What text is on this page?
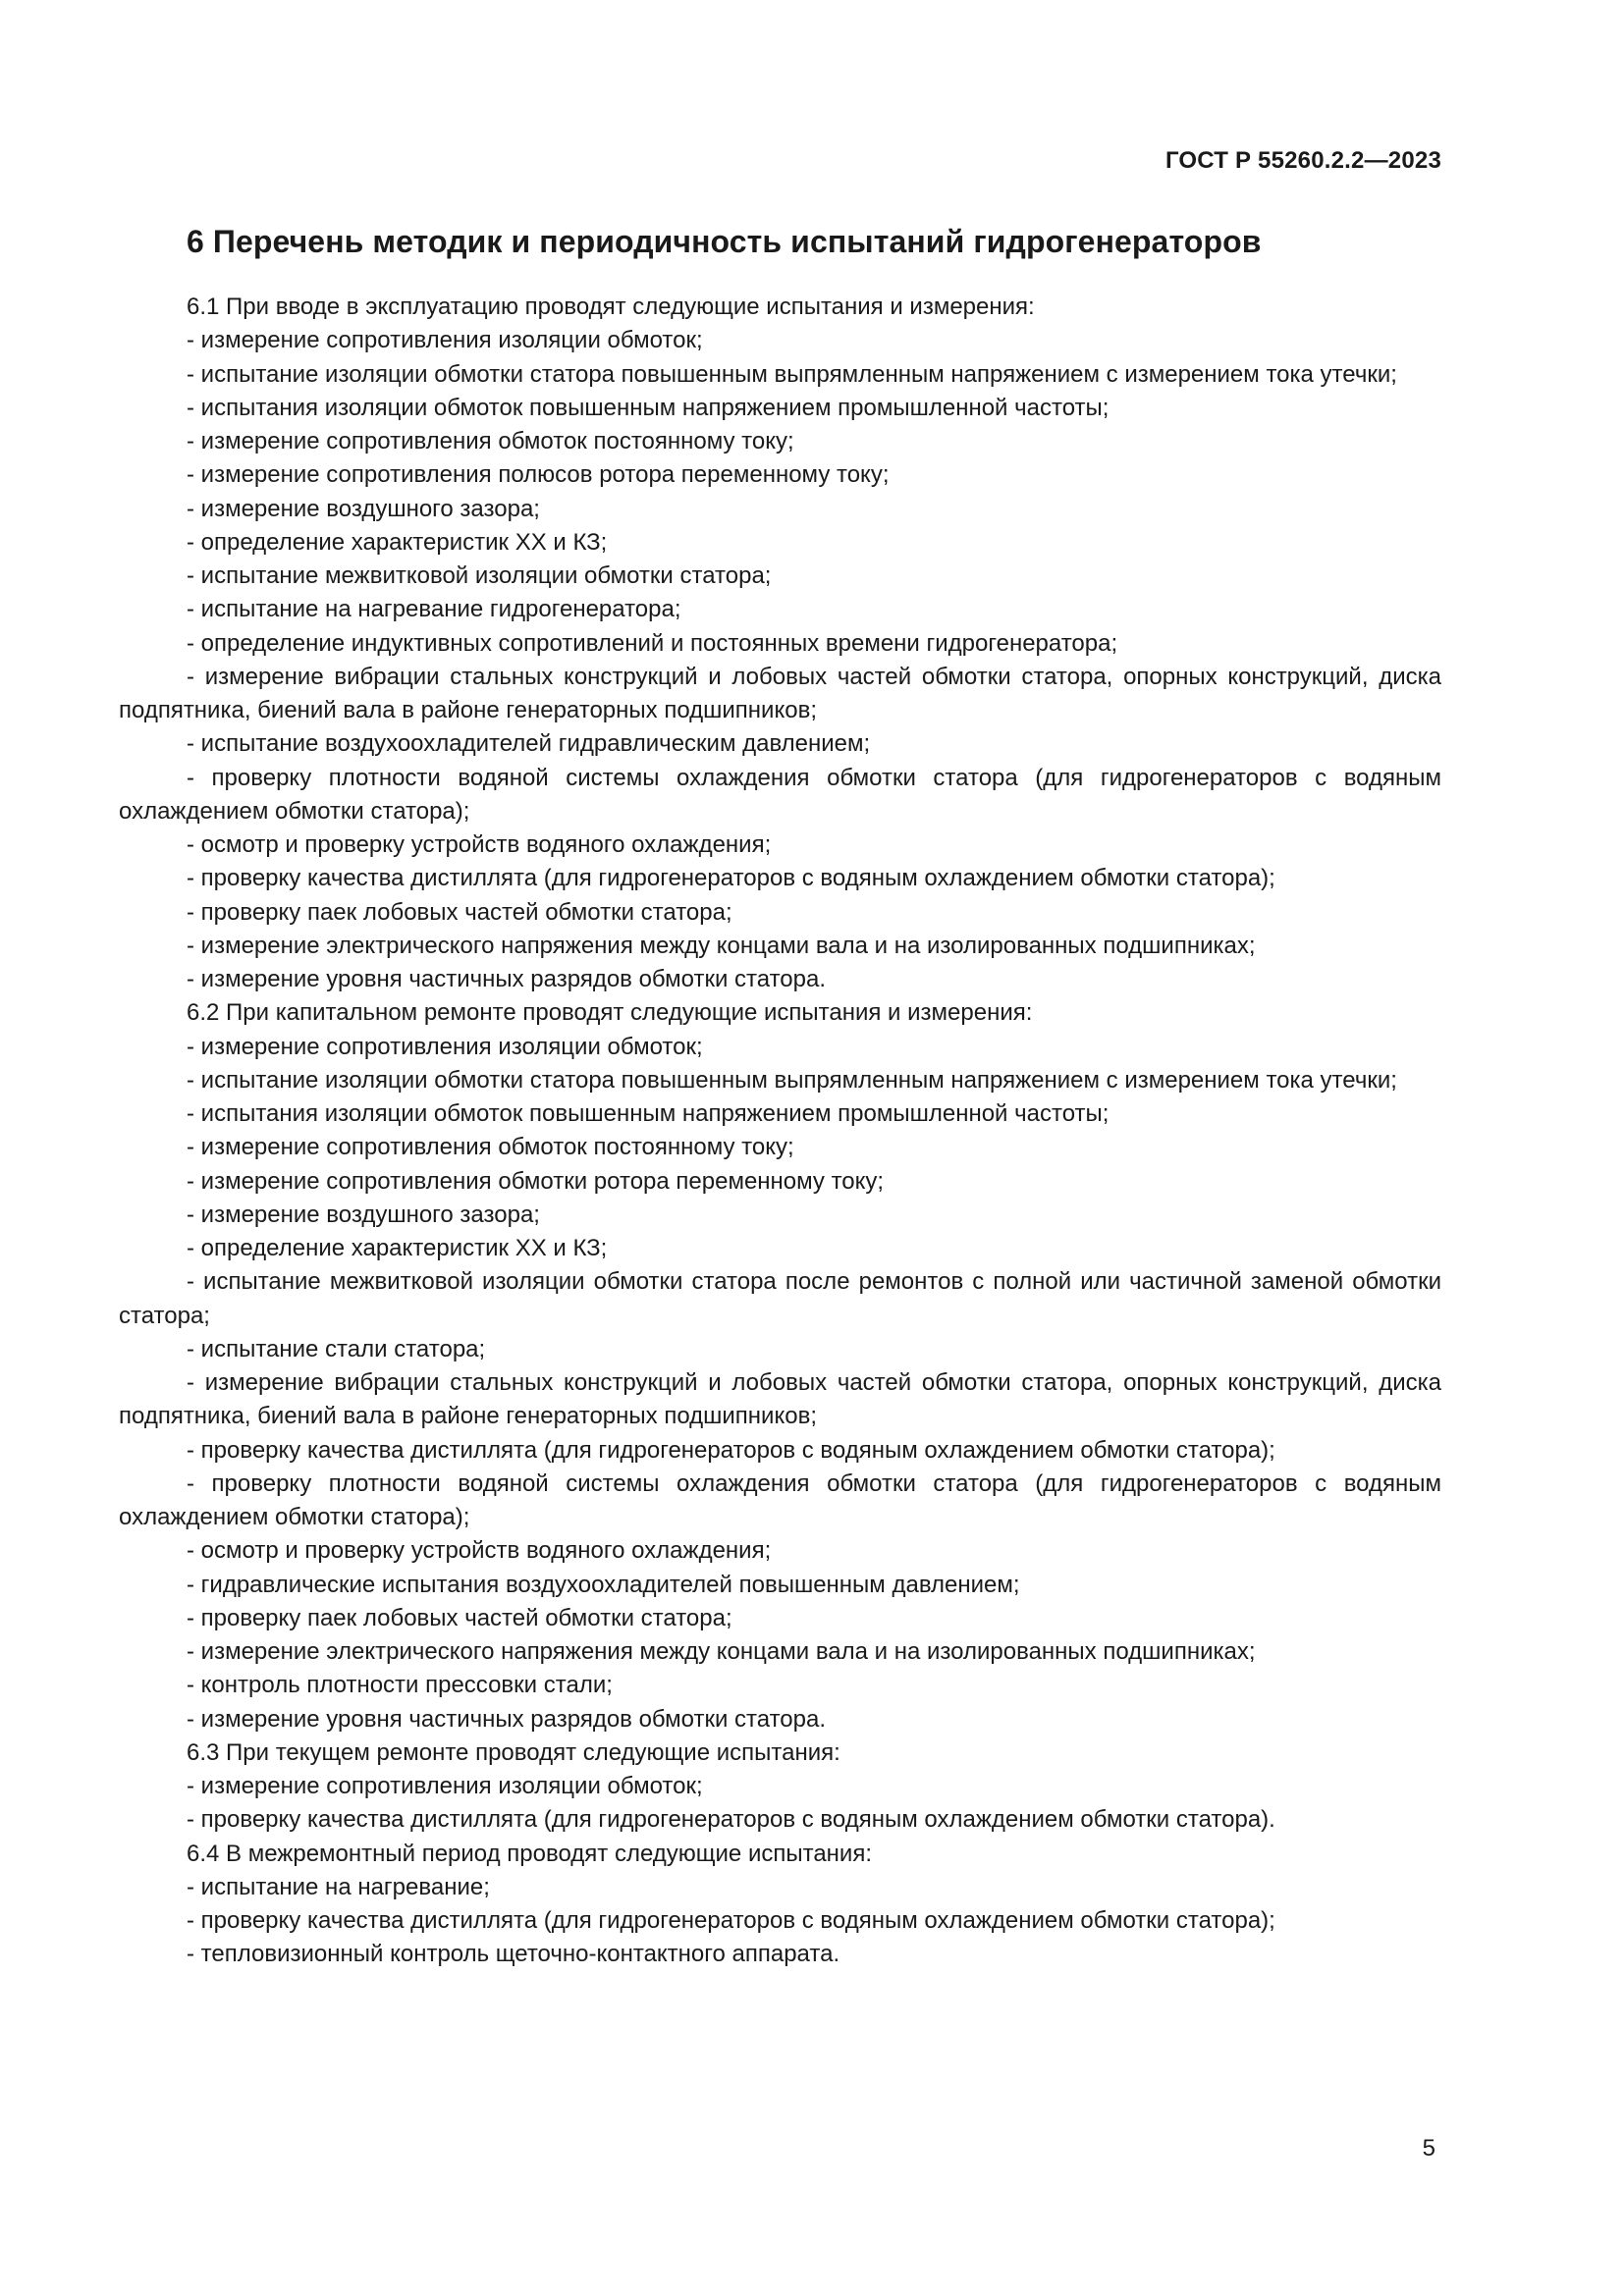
ГОСТ Р 55260.2.2—2023
6 Перечень методик и периодичность испытаний гидрогенераторов

6.1 При вводе в эксплуатацию проводят следующие испытания и измерения:

- измерение сопротивления изоляции обмоток;

- испытание изоляции обмотки статора повышенным выпрямленным напряжением с измерением тока утечки;

- испытания изоляции обмоток повышенным напряжением промышленной частоты;

- измерение сопротивления обмоток постоянному току;

- измерение сопротивления полюсов ротора переменному току;

- измерение воздушного зазора;

- определение характеристик ХХ и КЗ;

- испытание межвитковой изоляции обмотки статора;

- испытание на нагревание гидрогенератора;

- определение индуктивных сопротивлений и постоянных времени гидрогенератора;

- измерение вибрации стальных конструкций и лобовых частей обмотки статора, опорных конструкций, диска подпятника, биений вала в районе генераторных подшипников;

- испытание воздухоохладителей гидравлическим давлением;

- проверку плотности водяной системы охлаждения обмотки статора (для гидрогенераторов с водяным охлаждением обмотки статора);

- осмотр и проверку устройств водяного охлаждения;

- проверку качества дистиллята (для гидрогенераторов с водяным охлаждением обмотки статора);

- проверку паек лобовых частей обмотки статора;

- измерение электрического напряжения между концами вала и на изолированных подшипниках;

- измерение уровня частичных разрядов обмотки статора.

6.2 При капитальном ремонте проводят следующие испытания и измерения:

- измерение сопротивления изоляции обмоток;

- испытание изоляции обмотки статора повышенным выпрямленным напряжением с измерением тока утечки;

- испытания изоляции обмоток повышенным напряжением промышленной частоты;

- измерение сопротивления обмоток постоянному току;

- измерение сопротивления обмотки ротора переменному току;

- измерение воздушного зазора;

- определение характеристик ХХ и КЗ;

- испытание межвитковой изоляции обмотки статора после ремонтов с полной или частичной заменой обмотки статора;

- испытание стали статора;

- измерение вибрации стальных конструкций и лобовых частей обмотки статора, опорных конструкций, диска подпятника, биений вала в районе генераторных подшипников;

- проверку качества дистиллята (для гидрогенераторов с водяным охлаждением обмотки статора);

- проверку плотности водяной системы охлаждения обмотки статора (для гидрогенераторов с водяным охлаждением обмотки статора);

- осмотр и проверку устройств водяного охлаждения;

- гидравлические испытания воздухоохладителей повышенным давлением;

- проверку паек лобовых частей обмотки статора;

- измерение электрического напряжения между концами вала и на изолированных подшипниках;

- контроль плотности прессовки стали;

- измерение уровня частичных разрядов обмотки статора.

6.3 При текущем ремонте проводят следующие испытания:

- измерение сопротивления изоляции обмоток;

- проверку качества дистиллята (для гидрогенераторов с водяным охлаждением обмотки статора).

6.4 В межремонтный период проводят следующие испытания:

- испытание на нагревание;

- проверку качества дистиллята (для гидрогенераторов с водяным охлаждением обмотки статора);

- тепловизионный контроль щеточно-контактного аппарата.

5
